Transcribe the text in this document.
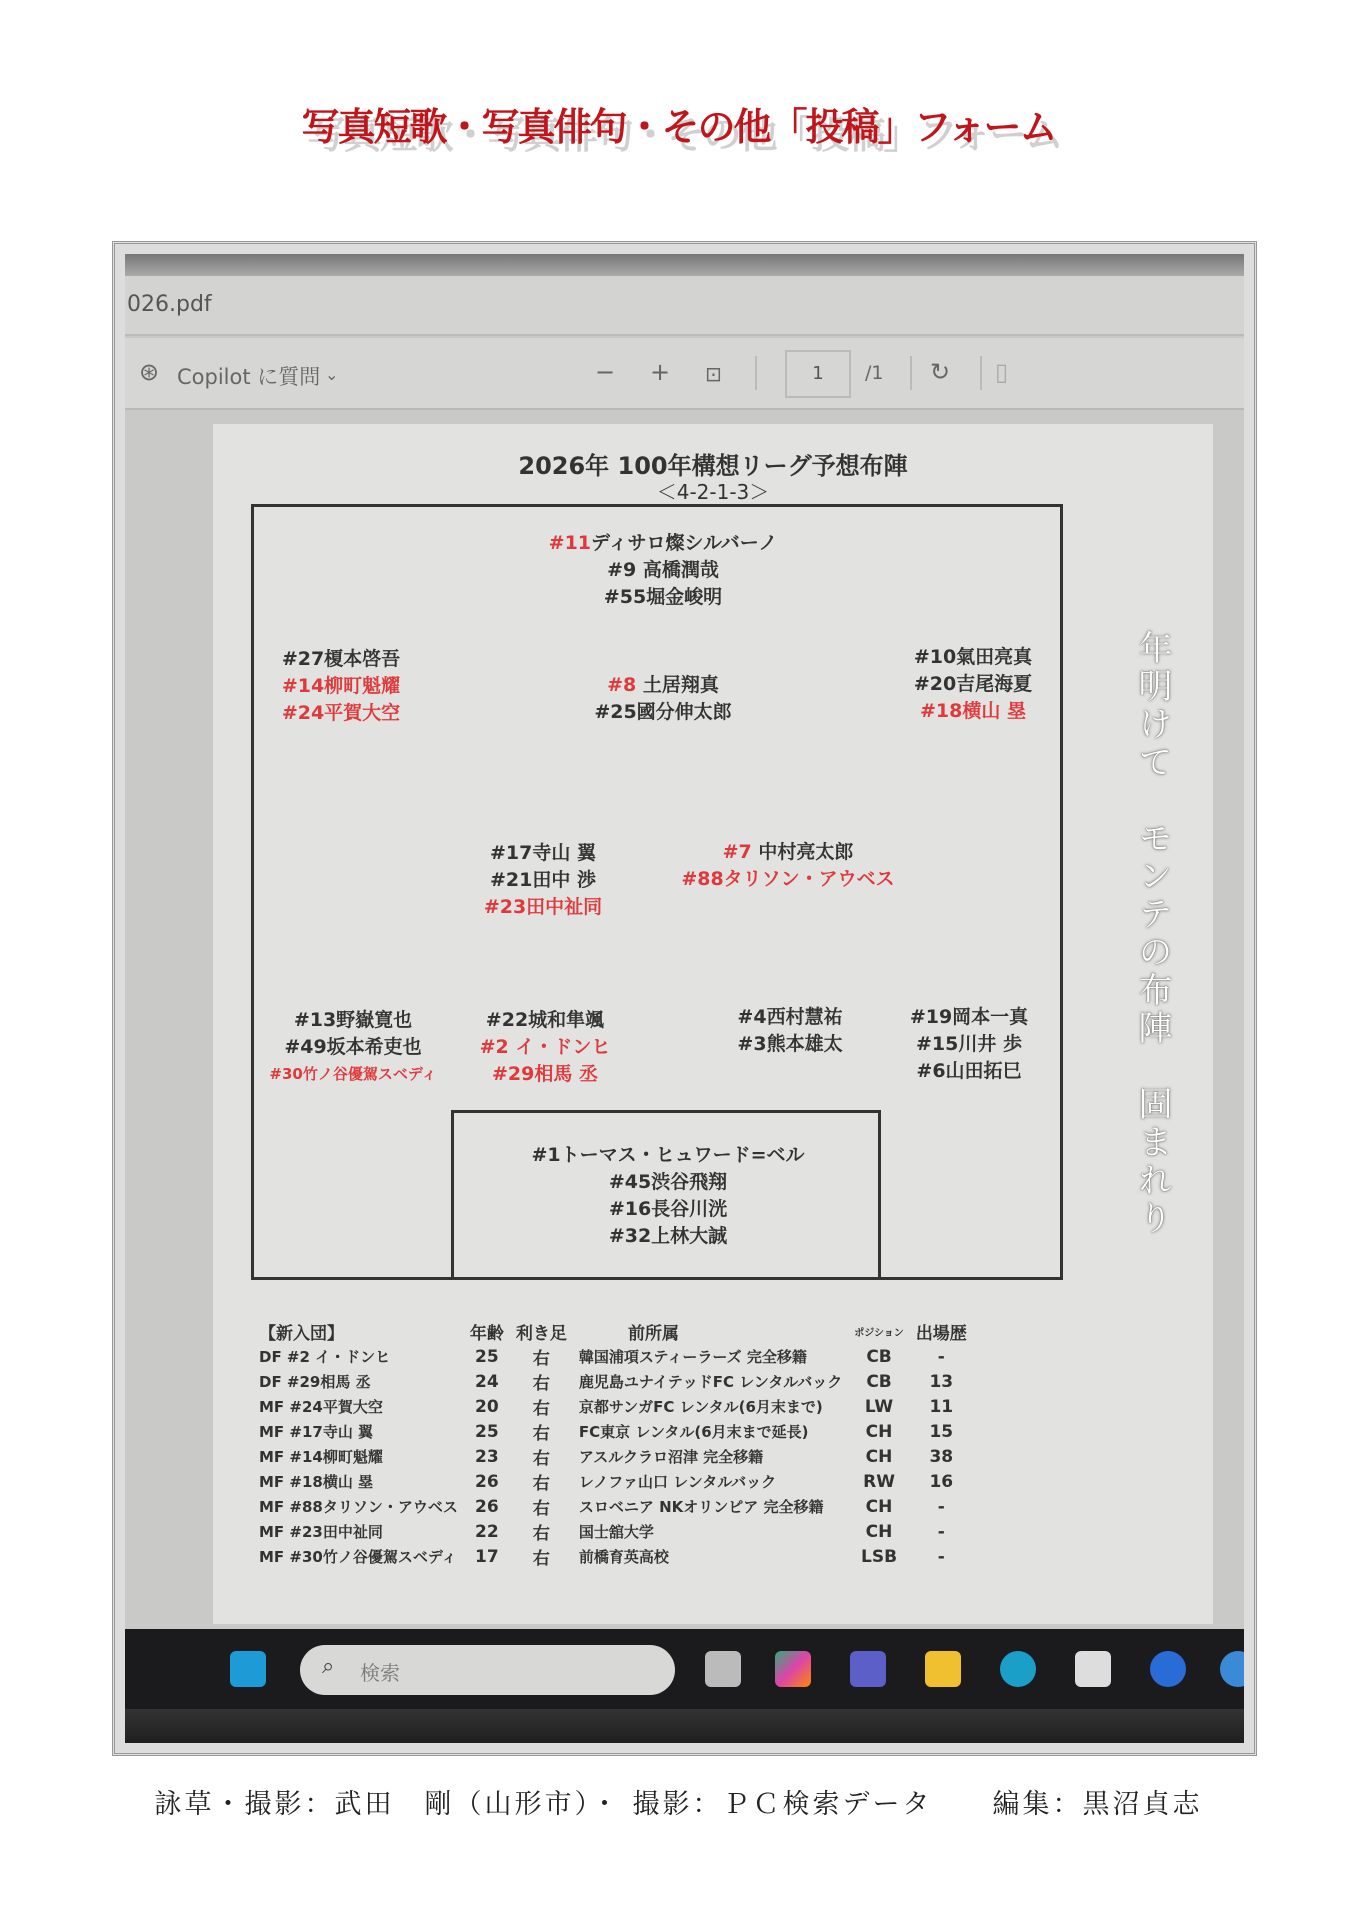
写真短歌・写真俳句・その他「投稿」フォーム
026.pdf
⊛ Copilot に質問 ⌄	− + ⊡	1	/1 ↻ ▯
2026年 100年構想リーグ予想布陣
＜4-2-1-3＞
#11ディサロ燦シルバーノ
#9 高橋潤哉
#55堀金峻明
#27榎本啓吾
#14柳町魁耀
#24平賀大空
#8 土居翔真
#25國分伸太郎
#10氣田亮真
#20吉尾海夏
#18横山 塁
#17寺山 翼
#21田中 渉
#23田中祉同
#7 中村亮太郎
#88タリソン・アウベス
#13野嶽寛也
#49坂本希吏也
#30竹ノ谷優駕スベディ
#22城和隼颯
#2 イ・ドンヒ
#29相馬 丞
#4西村慧祐
#3熊本雄太
#19岡本一真
#15川井 歩
#6山田拓巳
#1トーマス・ヒュワード=ベル
#45渋谷飛翔
#16長谷川洸
#32上林大誠
【新入団】	年齢	利き足	前所属	ポジション	出場歴
DF #2 イ・ドンヒ	25	右	韓国浦項スティーラーズ 完全移籍	CB	-
DF #29相馬 丞	24	右	鹿児島ユナイテッドFC レンタルバック	CB	13
MF #24平賀大空	20	右	京都サンガFC レンタル(6月末まで)	LW	11
MF #17寺山 翼	25	右	FC東京 レンタル(6月末まで延長)	CH	15
MF #14柳町魁耀	23	右	アスルクラロ沼津 完全移籍	CH	38
MF #18横山 塁	26	右	レノファ山口 レンタルバック	RW	16
MF #88タリソン・アウベス	26	右	スロベニア NKオリンピア 完全移籍	CH	-
MF #23田中祉同	22	右	国士舘大学	CH	-
MF #30竹ノ谷優駕スベディ	17	右	前橋育英高校	LSB	-
⌕ 検索
年明けて　モンテの布陣　固まれり
詠草・撮影：武田　剛（山形市）・ 撮影：ＰＣ検索データ　　編集：黒沼貞志
